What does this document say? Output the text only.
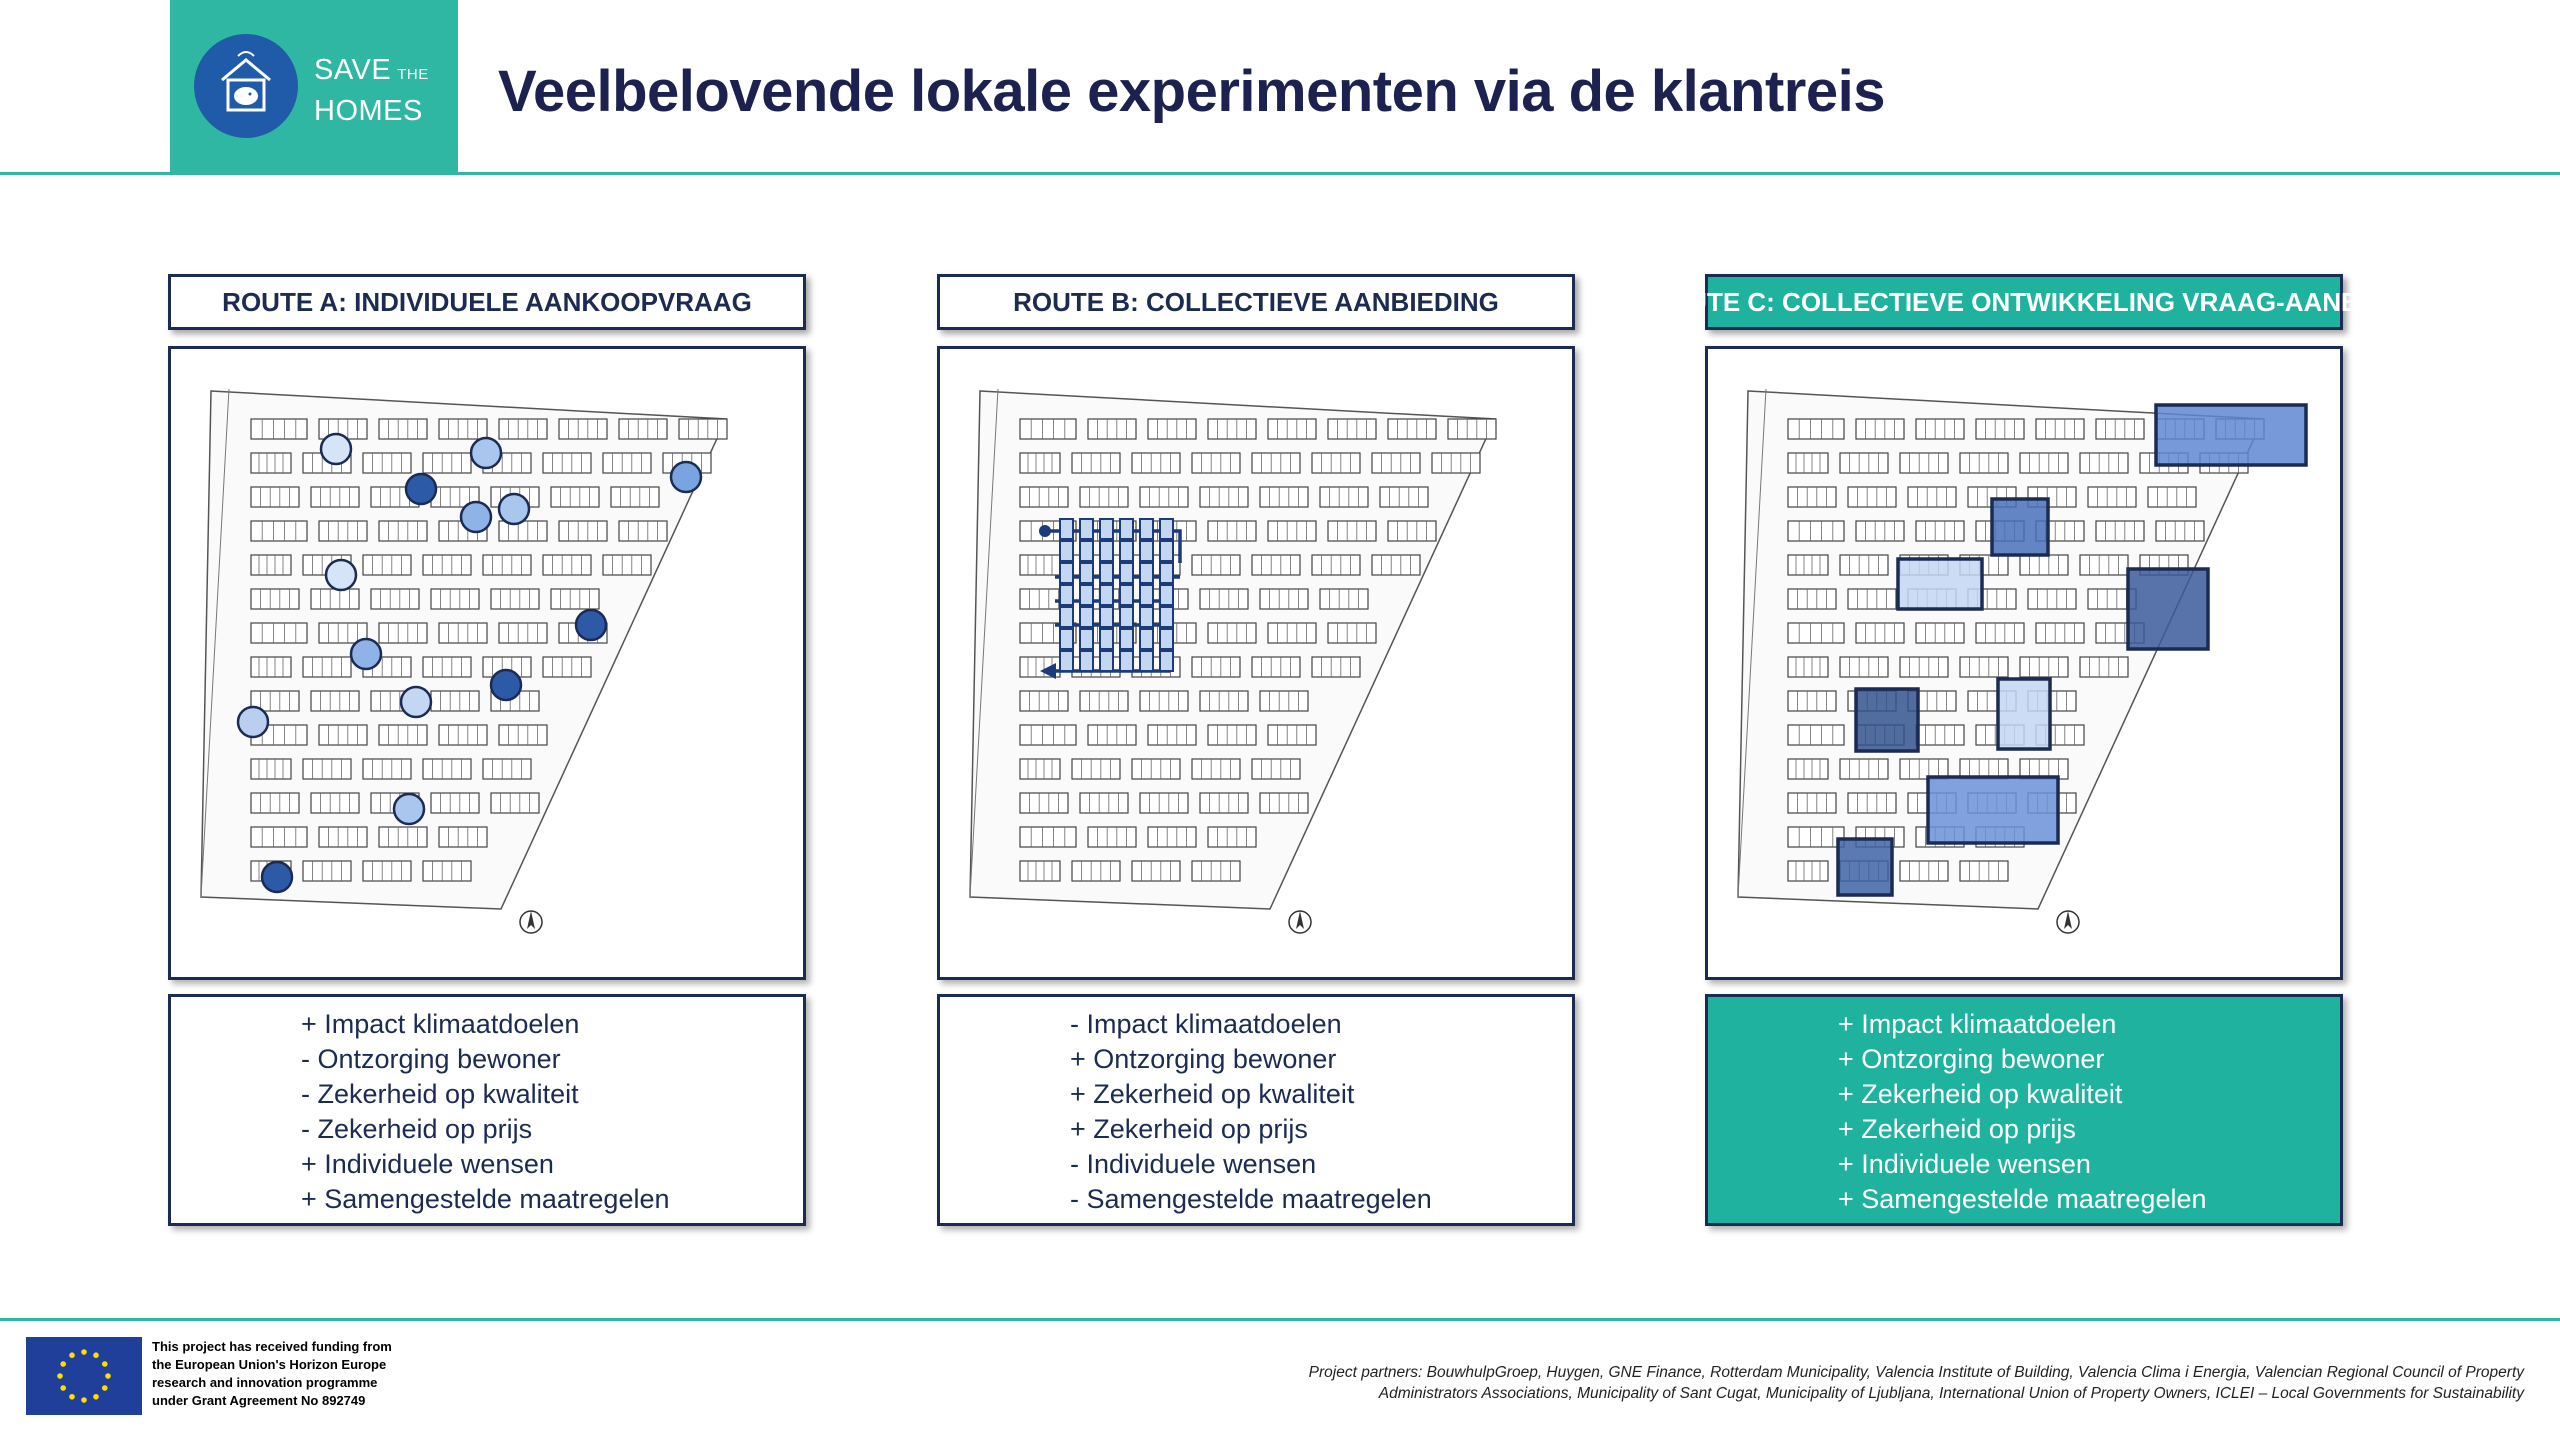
SAVE THE
HOMES Veelbelovende lokale experimenten via de klantreis
ROUTE A: INDIVIDUELE AANKOOPVRAAG
+ Impact klimaatdoelen
- Ontzorging bewoner
- Zekerheid op kwaliteit
- Zekerheid op prijs
+ Individuele wensen
+ Samengestelde maatregelen
ROUTE B: COLLECTIEVE AANBIEDING
- Impact klimaatdoelen
+ Ontzorging bewoner
+ Zekerheid op kwaliteit
+ Zekerheid op prijs
- Individuele wensen
- Samengestelde maatregelen
ROUTE C: COLLECTIEVE ONTWIKKELING VRAAG-AANBOD
+ Impact klimaatdoelen
+ Ontzorging bewoner
+ Zekerheid op kwaliteit
+ Zekerheid op prijs
+ Individuele wensen
+ Samengestelde maatregelen
This project has received funding from
the European Union's Horizon Europe
research and innovation programme
under Grant Agreement No 892749
Project partners: BouwhulpGroep, Huygen, GNE Finance, Rotterdam Municipality, Valencia Institute of Building, Valencia Clima i Energia, Valencian Regional Council of Property
Administrators Associations, Municipality of Sant Cugat, Municipality of Ljubljana, International Union of Property Owners, ICLEI – Local Governments for Sustainability
